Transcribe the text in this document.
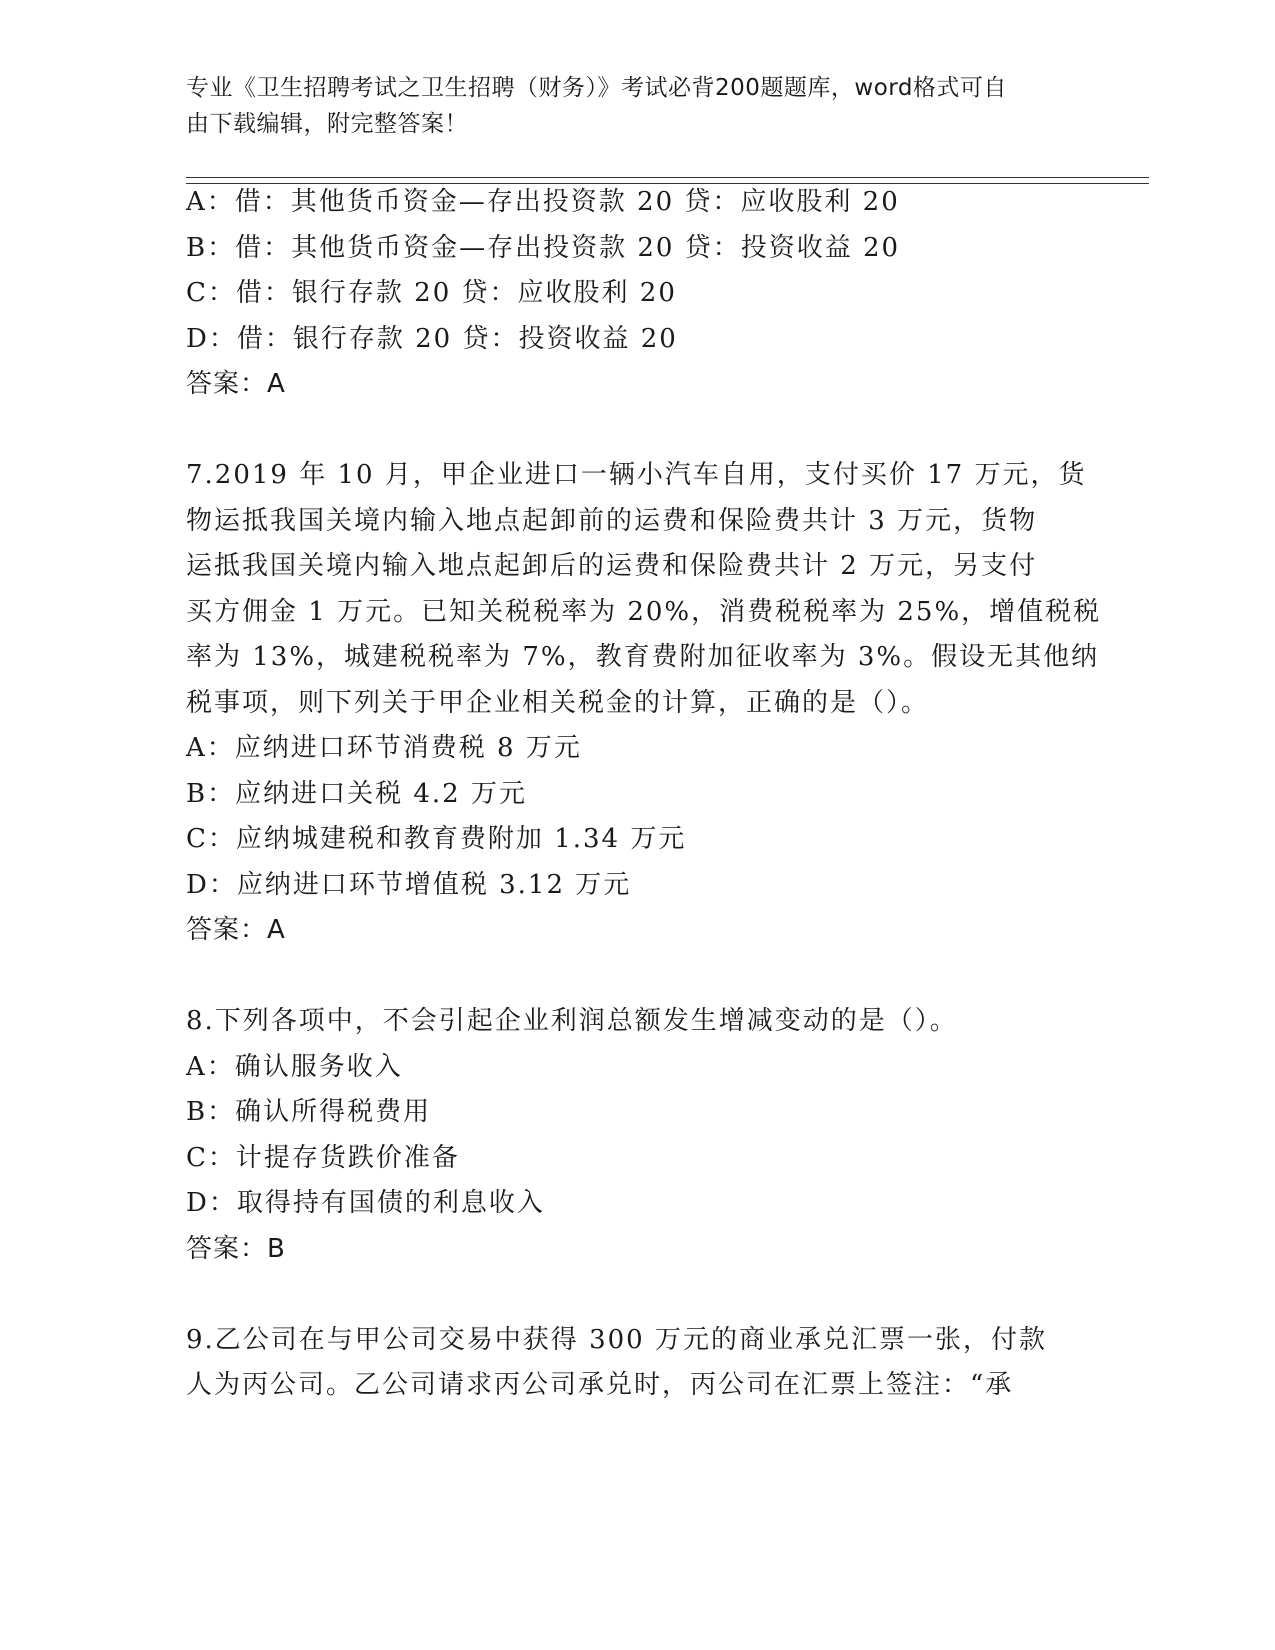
专业《卫生招聘考试之卫生招聘（财务）》考试必背200题题库，word格式可自
由下载编辑，附完整答案！
A：借：其他货币资金—存出投资款 20 贷：应收股利 20
B：借：其他货币资金—存出投资款 20 贷：投资收益 20
C：借：银行存款 20 贷：应收股利 20
D：借：银行存款 20 贷：投资收益 20
答案：A
7.2019 年 10 月，甲企业进口一辆小汽车自用，支付买价 17 万元，货
物运抵我国关境内输入地点起卸前的运费和保险费共计 3 万元，货物
运抵我国关境内输入地点起卸后的运费和保险费共计 2 万元，另支付
买方佣金 1 万元。已知关税税率为 20%，消费税税率为 25%，增值税税
率为 13%，城建税税率为 7%，教育费附加征收率为 3%。假设无其他纳
税事项，则下列关于甲企业相关税金的计算，正确的是（）。
A：应纳进口环节消费税 8 万元
B：应纳进口关税 4.2 万元
C：应纳城建税和教育费附加 1.34 万元
D：应纳进口环节增值税 3.12 万元
答案：A
8.下列各项中，不会引起企业利润总额发生增减变动的是（）。
A：确认服务收入
B：确认所得税费用
C：计提存货跌价准备
D：取得持有国债的利息收入
答案：B
9.乙公司在与甲公司交易中获得 300 万元的商业承兑汇票一张，付款
人为丙公司。乙公司请求丙公司承兑时，丙公司在汇票上签注：“承
